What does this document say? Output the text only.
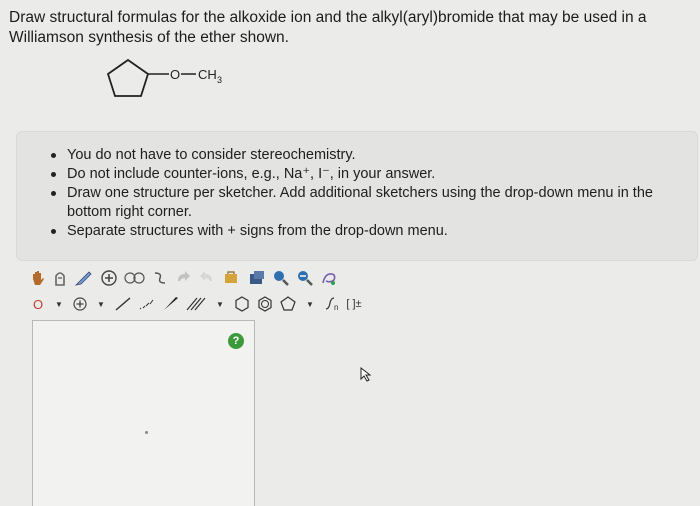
Draw structural formulas for the alkoxide ion and the alkyl(aryl)bromide that may be used in a Williamson synthesis of the ether shown.
O CH 3
You do not have to consider stereochemistry.
Do not include counter-ions, e.g., Na⁺, I⁻, in your answer.
Draw one structure per sketcher. Add additional sketchers using the drop-down menu in the bottom right corner.
Separate structures with + signs from the drop-down menu.
O	▼	▼	▼	▼	n [ ]±
?
